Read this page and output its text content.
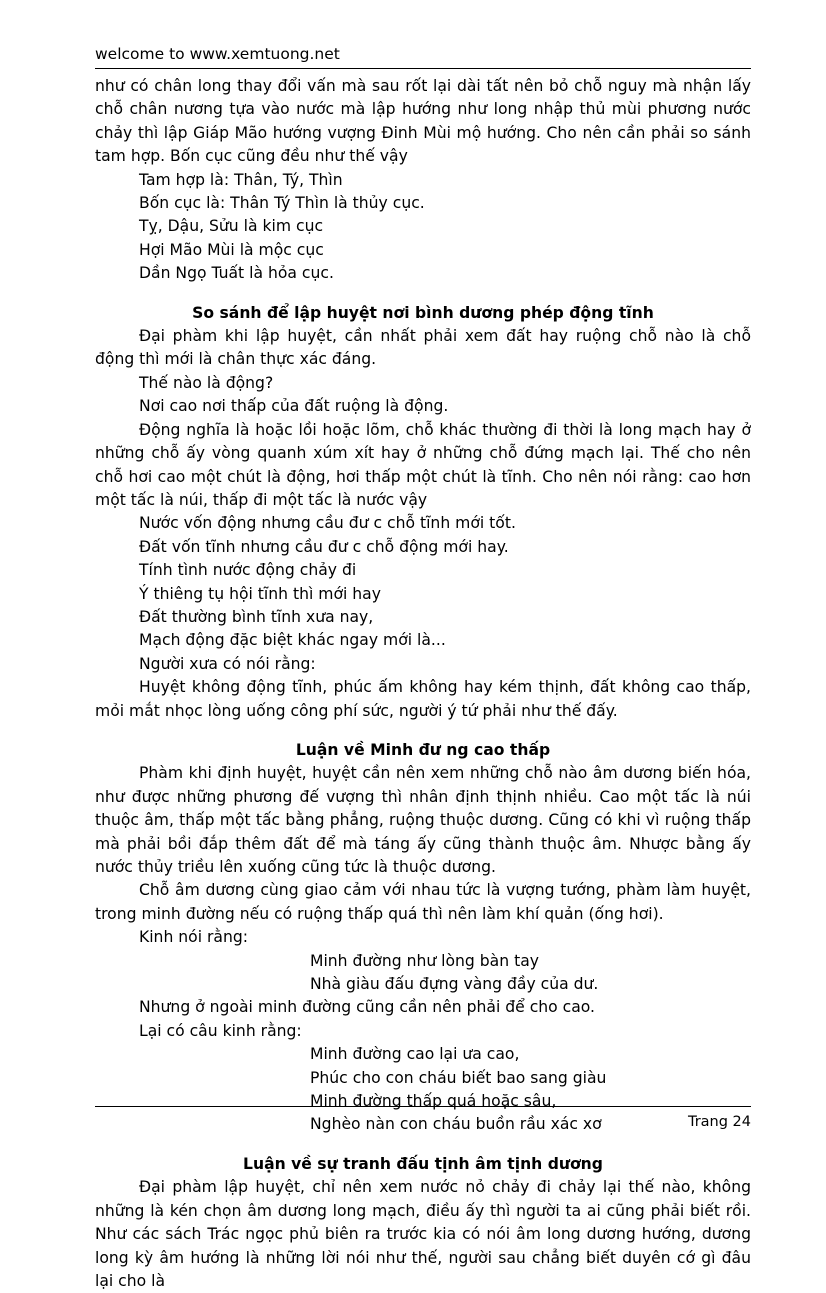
welcome to www.xemtuong.net

như có chân long thay đổi vấn mà sau rốt lại dài tất nên bỏ chỗ nguy mà nhận lấy chỗ chân nương tựa vào nước mà lập hướng như long nhập thủ mùi phương nước chảy thì lập Giáp Mão hướng vượng Đinh Mùi mộ hướng. Cho nên cần phải so sánh tam hợp. Bốn cục cũng đều như thế vậy

Tam hợp là: Thân, Tý, Thìn

Bốn cục là: Thân Tý Thìn là thủy cục.

Tỵ, Dậu, Sửu là kim cục

Hợi Mão Mùi là mộc cục

Dần Ngọ Tuất là hỏa cục.

So sánh để lập huyệt nơi bình dương phép động tĩnh

Đại phàm khi lập huyệt, cần nhất phải xem đất hay ruộng chỗ nào là chỗ động thì mới là chân thực xác đáng.

Thế nào là động?

Nơi cao nơi thấp của đất ruộng là động.

Động nghĩa là hoặc lồi hoặc lõm, chỗ khác thường đi thời là long mạch hay ở những chỗ ấy vòng quanh xúm xít hay ở những chỗ đứng mạch lại. Thế cho nên chỗ hơi cao một chút là động, hơi thấp một chút là tĩnh. Cho nên nói rằng: cao hơn một tấc là núi, thấp đi một tấc là nước vậy

Nước vốn động nhưng cầu đư c chỗ tĩnh mới tốt.

Đất vốn tĩnh nhưng cầu đư c chỗ động mới hay.

Tính tình nước động chảy đi

Ý thiêng tụ hội tĩnh thì mới hay

Đất thường bình tĩnh xưa nay,

Mạch động đặc biệt khác ngay mới là...

Người xưa có nói rằng:

Huyệt không động tĩnh, phúc ấm không hay kém thịnh, đất không cao thấp, mỏi mắt nhọc lòng uống công phí sức, người ý tứ phải như thế đấy.

Luận về Minh đư ng cao thấp

Phàm khi định huyệt, huyệt cần nên xem những chỗ nào âm dương biến hóa, như được những phương đế vượng thì nhân định thịnh nhiều. Cao một tấc là núi thuộc âm, thấp một tấc bằng phẳng, ruộng thuộc dương. Cũng có khi vì ruộng thấp mà phải bồi đắp thêm đất để mà táng ấy cũng thành thuộc âm. Nhược bằng ấy nước thủy triều lên xuống cũng tức là thuộc dương.

Chỗ âm dương cùng giao cảm với nhau tức là vượng tướng, phàm làm huyệt, trong minh đường nếu có ruộng thấp quá thì nên làm khí quản (ống hơi).

Kinh nói rằng:

Minh đường như lòng bàn tay

Nhà giàu đấu đựng vàng đầy của dư.

Nhưng ở ngoài minh đường cũng cần nên phải để cho cao.

Lại có câu kinh rằng:

Minh đường cao lại ưa cao,

Phúc cho con cháu biết bao sang giàu

Minh đường thấp quá hoặc sâu,

Nghèo nàn con cháu buồn rầu xác xơ

Luận về sự tranh đấu tịnh âm tịnh dương

Đại phàm lập huyệt, chỉ nên xem nước nỏ chảy đi chảy lại thế nào, không những là kén chọn âm dương long mạch, điều ấy thì người ta ai cũng phải biết rồi. Như các sách Trác ngọc phủ biên ra trước kia có nói âm long dương hướng, dương long kỳ âm hướng là những lời nói như thế, người sau chẳng biết duyên cớ gì đâu lại cho là

Trang 24
